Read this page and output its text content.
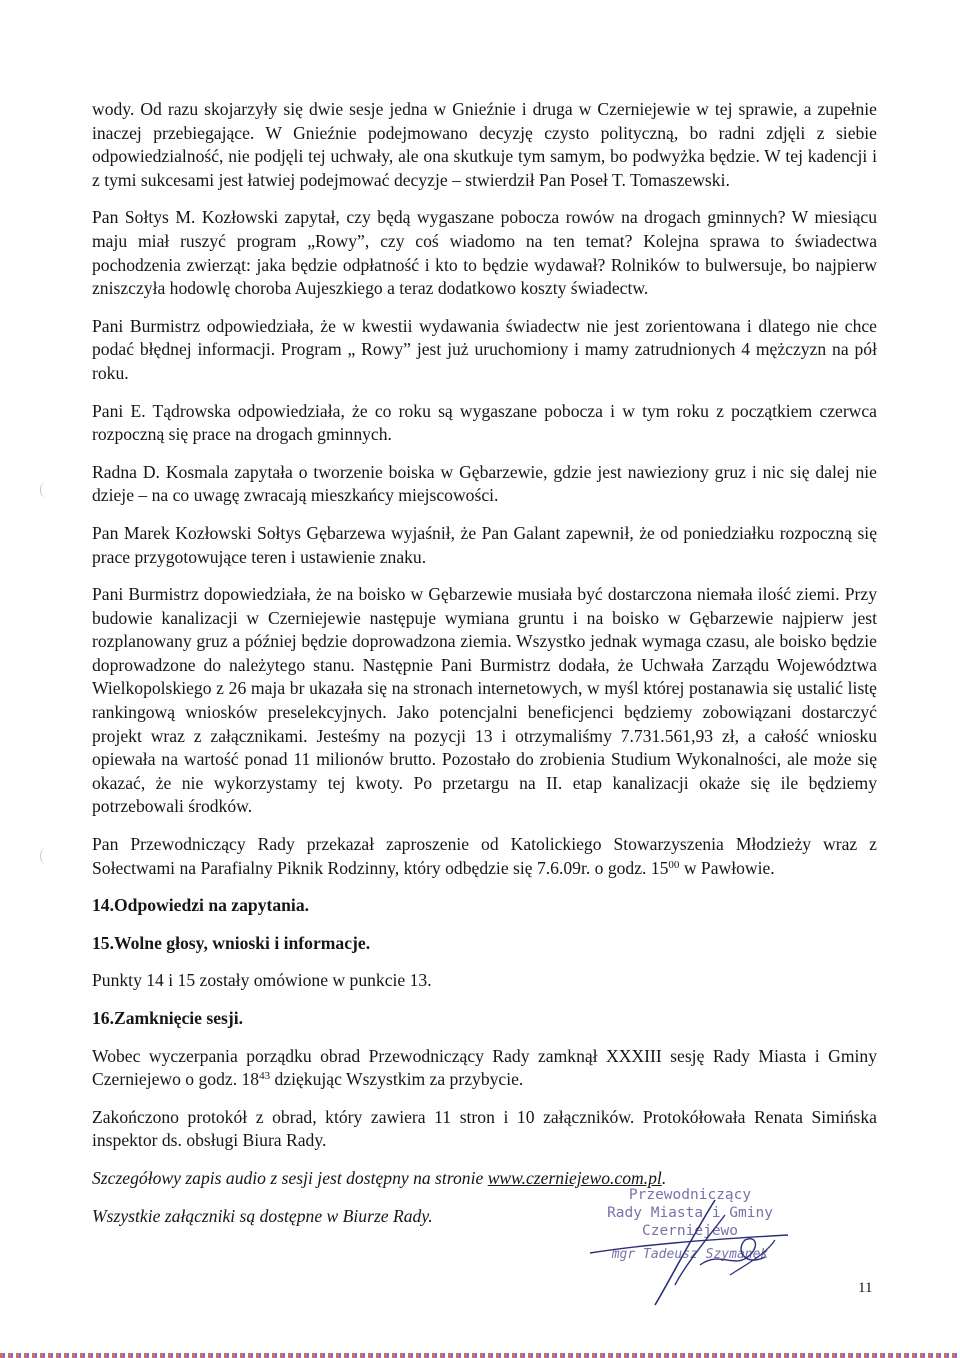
wody. Od razu skojarzyły się dwie sesje jedna w Gnieźnie i druga w Czerniejewie w tej sprawie, a zupełnie inaczej przebiegające. W Gnieźnie podejmowano decyzję czysto polityczną, bo radni zdjęli z siebie odpowiedzialność, nie podjęli tej uchwały, ale ona skutkuje tym samym, bo podwyżka będzie. W tej kadencji i z tymi sukcesami jest łatwiej podejmować decyzje – stwierdził Pan Poseł T. Tomaszewski.

Pan Sołtys M. Kozłowski zapytał, czy będą wygaszane pobocza rowów na drogach gminnych? W miesiącu maju miał ruszyć program „Rowy”, czy coś wiadomo na ten temat? Kolejna sprawa to świadectwa pochodzenia zwierząt: jaka będzie odpłatność i kto to będzie wydawał? Rolników to bulwersuje, bo najpierw zniszczyła hodowlę choroba Aujeszkiego a teraz dodatkowo koszty świadectw.

Pani Burmistrz odpowiedziała, że w kwestii wydawania świadectw nie jest zorientowana i dlatego nie chce podać błędnej informacji. Program „ Rowy” jest już uruchomiony i mamy zatrudnionych 4 mężczyzn na pół roku.

Pani E. Tądrowska odpowiedziała, że co roku są wygaszane pobocza i w tym roku z początkiem czerwca rozpoczną się prace na drogach gminnych.

Radna D. Kosmala zapytała o tworzenie boiska w Gębarzewie, gdzie jest nawieziony gruz i nic się dalej nie dzieje – na co uwagę zwracają mieszkańcy miejscowości.

Pan Marek Kozłowski Sołtys Gębarzewa wyjaśnił, że Pan Galant zapewnił, że od poniedziałku rozpoczną się prace przygotowujące teren i ustawienie znaku.

Pani Burmistrz dopowiedziała, że na boisko w Gębarzewie musiała być dostarczona niemała ilość ziemi. Przy budowie kanalizacji w Czerniejewie następuje wymiana gruntu i na boisko w Gębarzewie najpierw jest rozplanowany gruz a później będzie doprowadzona ziemia. Wszystko jednak wymaga czasu, ale boisko będzie doprowadzone do należytego stanu. Następnie Pani Burmistrz dodała, że Uchwała Zarządu Województwa Wielkopolskiego z 26 maja br ukazała się na stronach internetowych, w myśl której postanawia się ustalić listę rankingową wniosków preselekcyjnych. Jako potencjalni beneficjenci będziemy zobowiązani dostarczyć projekt wraz z załącznikami. Jesteśmy na pozycji 13 i otrzymaliśmy 7.731.561,93 zł, a całość wniosku opiewała na wartość ponad 11 milionów brutto. Pozostało do zrobienia Studium Wykonalności, ale może się okazać, że nie wykorzystamy tej kwoty. Po przetargu na II. etap kanalizacji okaże się ile będziemy potrzebowali środków.

Pan Przewodniczący Rady przekazał zaproszenie od Katolickiego Stowarzyszenia Młodzieży wraz z Sołectwami na Parafialny Piknik Rodzinny, który odbędzie się 7.6.09r. o godz. $15^{00}$ w Pawłowie.

14.Odpowiedzi na zapytania.

15.Wolne głosy, wnioski i informacje.

Punkty 14 i 15 zostały omówione w punkcie 13.

16.Zamknięcie sesji.

Wobec wyczerpania porządku obrad Przewodniczący Rady zamknął XXXIII sesję Rady Miasta i Gminy Czerniejewo o godz. $18^{43}$ dziękując Wszystkim za przybycie.

Zakończono protokół z obrad, który zawiera 11 stron i 10 załączników. Protokółowała Renata Simińska inspektor ds. obsługi Biura Rady.

Szczegółowy zapis audio z sesji jest dostępny na stronie www.czerniejewo.com.pl.

Wszystkie załączniki są dostępne w Biurze Rady.

Przewodniczący
Rady Miasta i Gminy
Czerniejewo
mgr Tadeusz Szymanek
11
